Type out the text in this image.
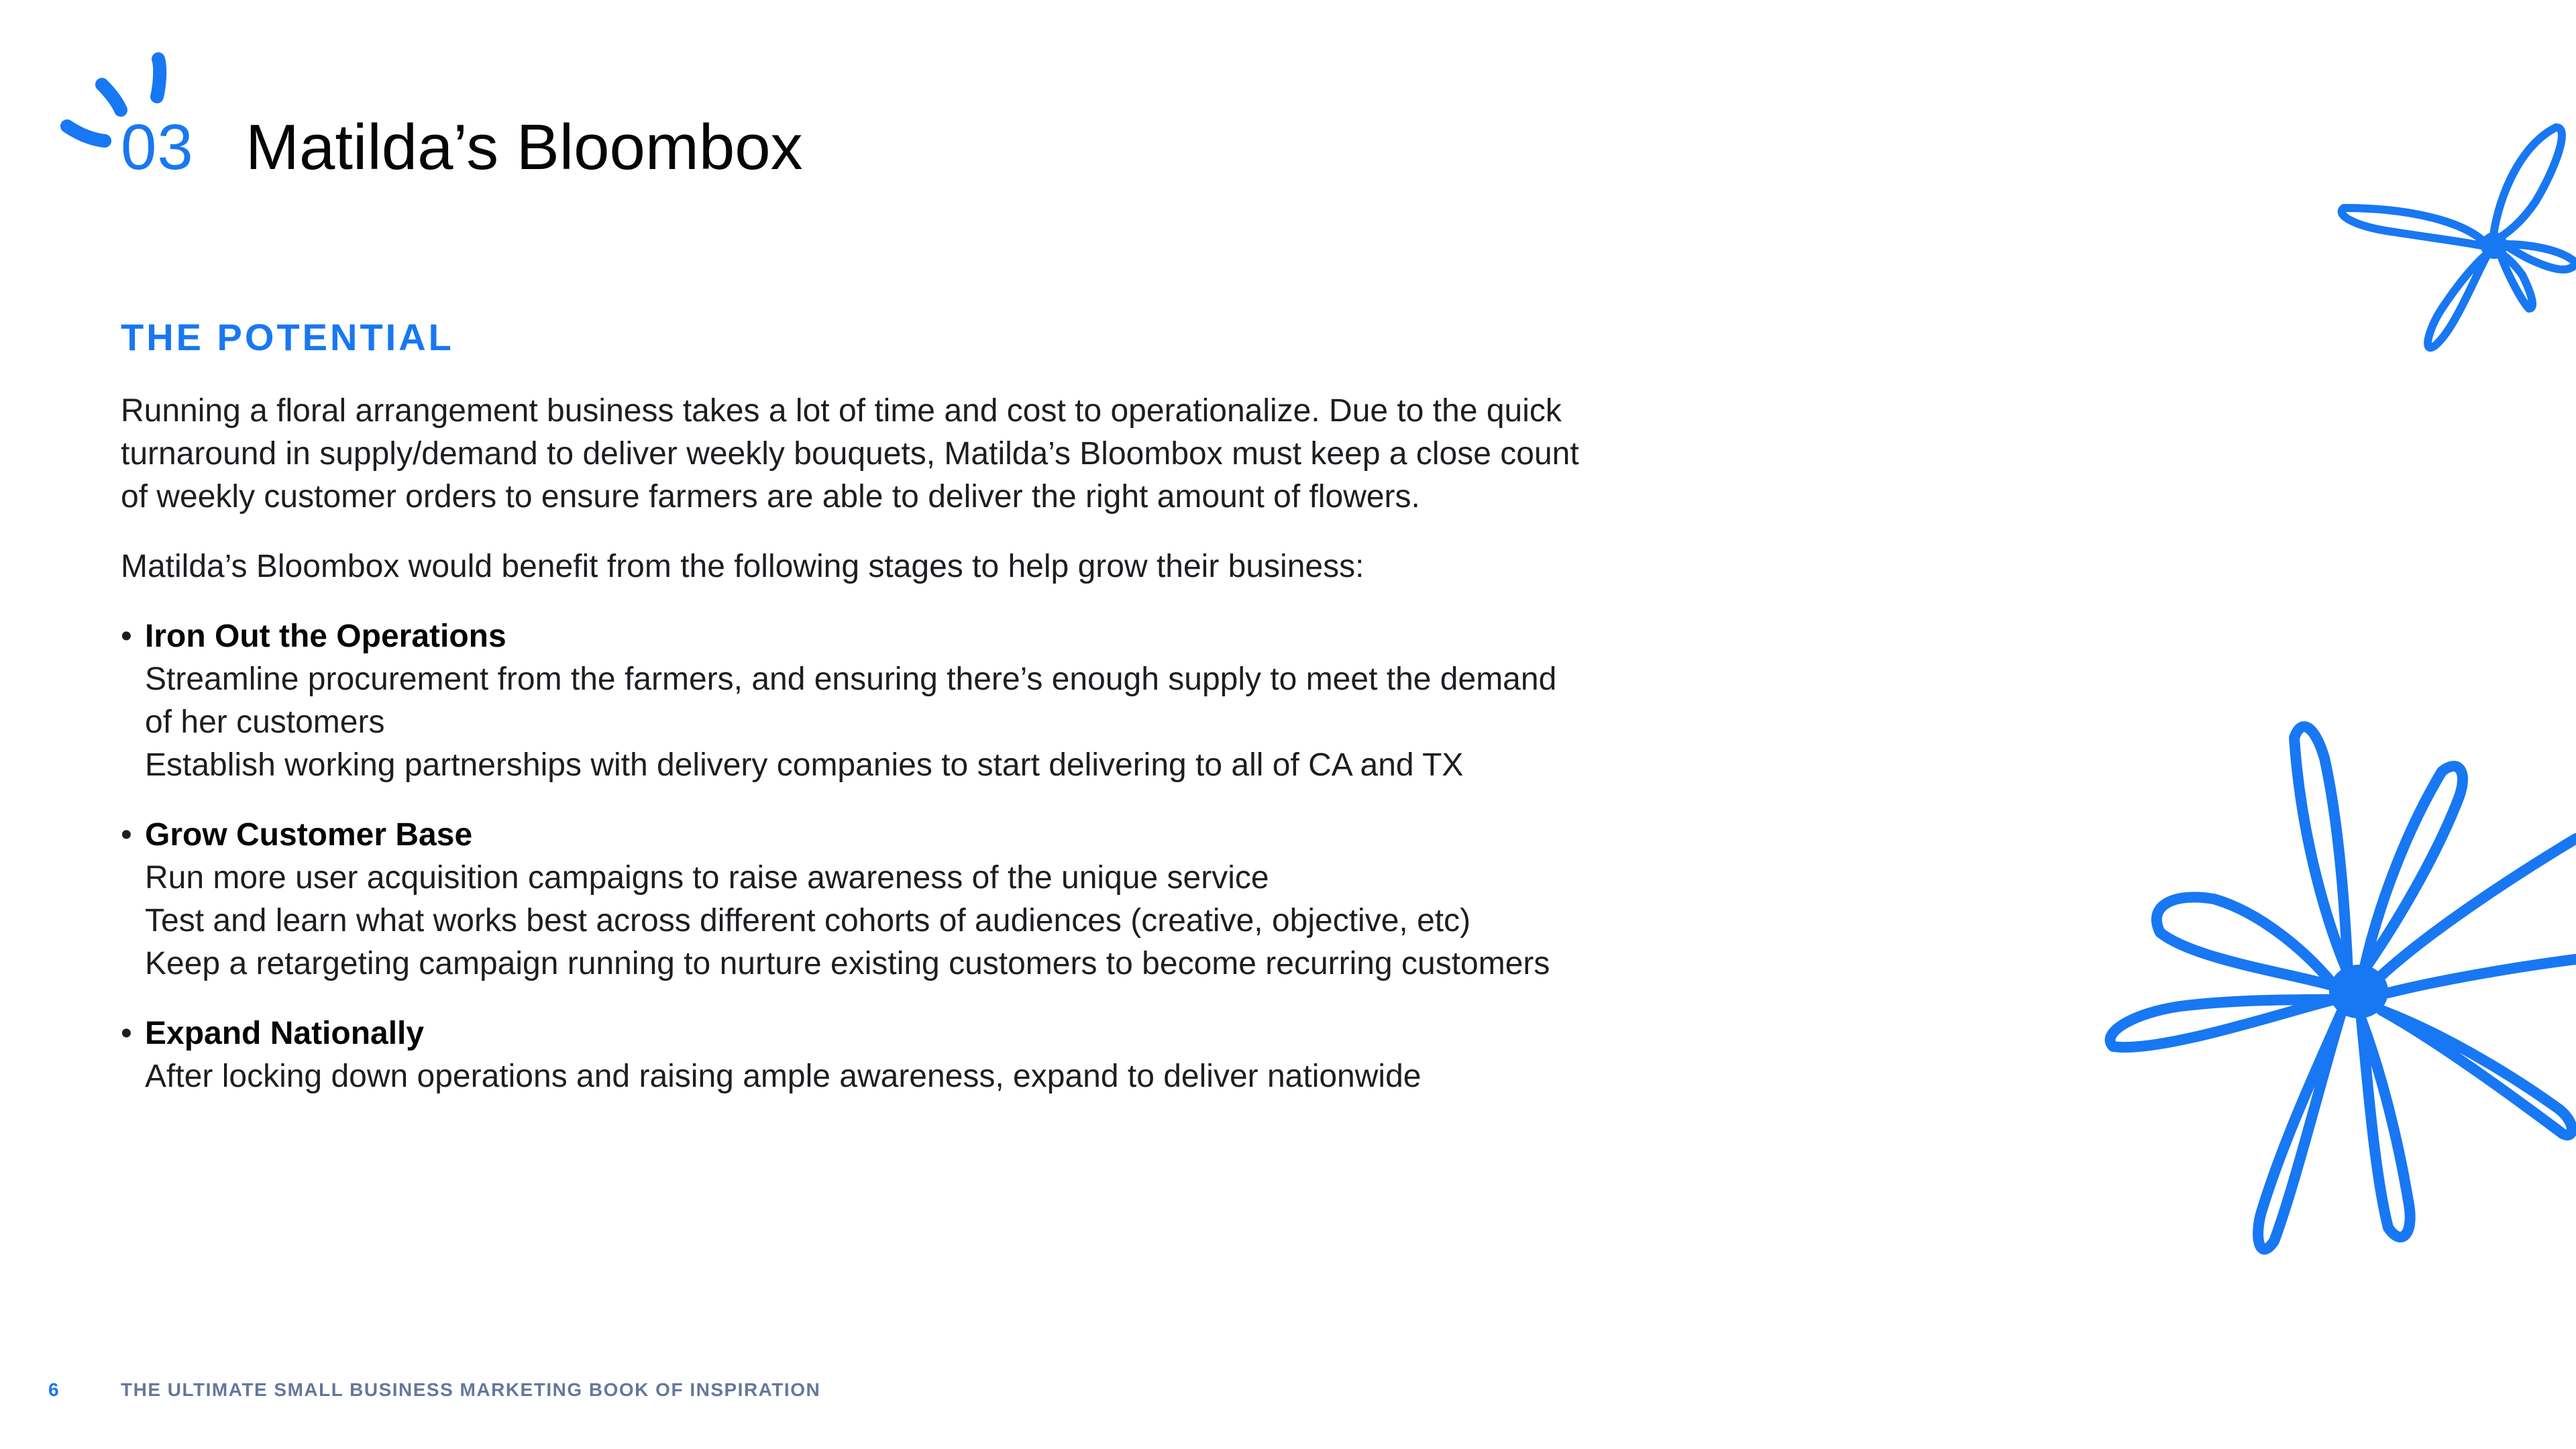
03 Matilda’s Bloombox
THE POTENTIAL

Running a floral arrangement business takes a lot of time and cost to operationalize. Due to the quick turnaround in supply/demand to deliver weekly bouquets, Matilda’s Bloombox must keep a close count of weekly customer orders to ensure farmers are able to deliver the right amount of flowers.

Matilda’s Bloombox would benefit from the following stages to help grow their business:

• Iron Out the Operations
Streamline procurement from the farmers, and ensuring there’s enough supply to meet the demand of her customers
Establish working partnerships with delivery companies to start delivering to all of CA and TX
• Grow Customer Base
Run more user acquisition campaigns to raise awareness of the unique service
Test and learn what works best across different cohorts of audiences (creative, objective, etc)
Keep a retargeting campaign running to nurture existing customers to become recurring customers
• Expand Nationally
After locking down operations and raising ample awareness, expand to deliver nationwide
6	THE ULTIMATE SMALL BUSINESS MARKETING BOOK OF INSPIRATION
